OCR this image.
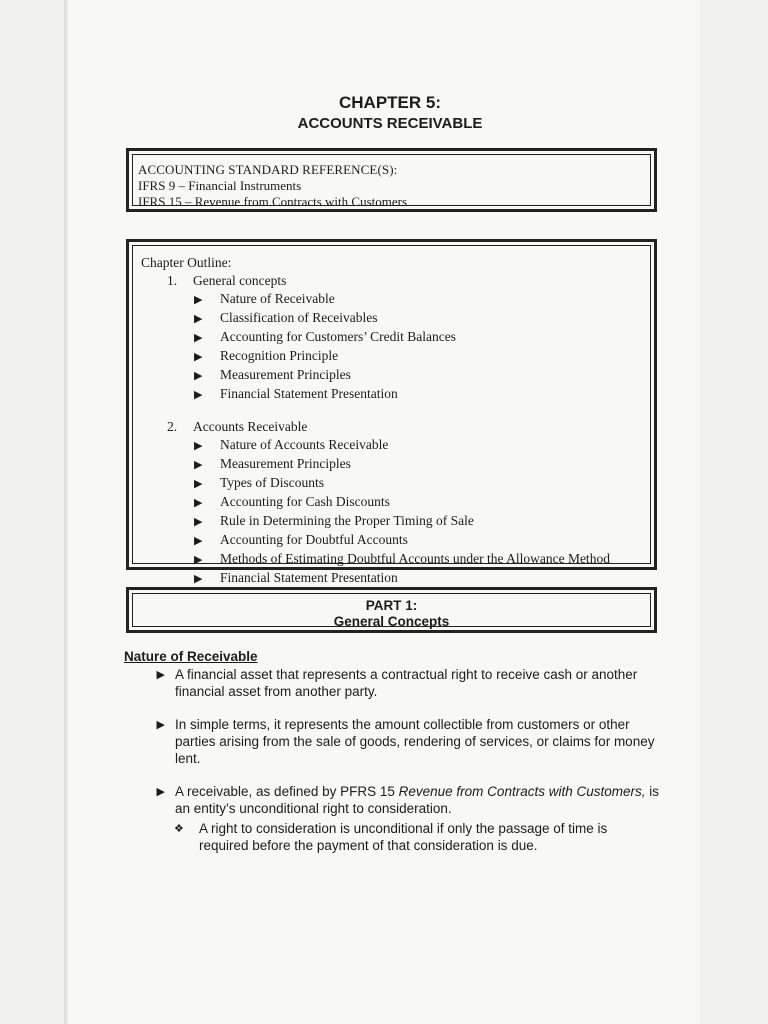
CHAPTER 5:
ACCOUNTS RECEIVABLE
ACCOUNTING STANDARD REFERENCE(S):
IFRS 9 – Financial Instruments
IFRS 15 – Revenue from Contracts with Customers
Chapter Outline:
1. General concepts
▶	Nature of Receivable
▶	Classification of Receivables
▶	Accounting for Customers’ Credit Balances
▶	Recognition Principle
▶	Measurement Principles
▶	Financial Statement Presentation
2. Accounts Receivable
▶	Nature of Accounts Receivable
▶	Measurement Principles
▶	Types of Discounts
▶	Accounting for Cash Discounts
▶	Rule in Determining the Proper Timing of Sale
▶	Accounting for Doubtful Accounts
▶	Methods of Estimating Doubtful Accounts under the Allowance Method
▶	Financial Statement Presentation
PART 1:
General Concepts
Nature of Receivable
▶ A financial asset that represents a contractual right to receive cash or another financial asset from another party.
▶ In simple terms, it represents the amount collectible from customers or other parties arising from the sale of goods, rendering of services, or claims for money lent.
▶ A receivable, as defined by PFRS 15 Revenue from Contracts with Customers, is an entity’s unconditional right to consideration.
❖	A right to consideration is unconditional if only the passage of time is required before the payment of that consideration is due.
